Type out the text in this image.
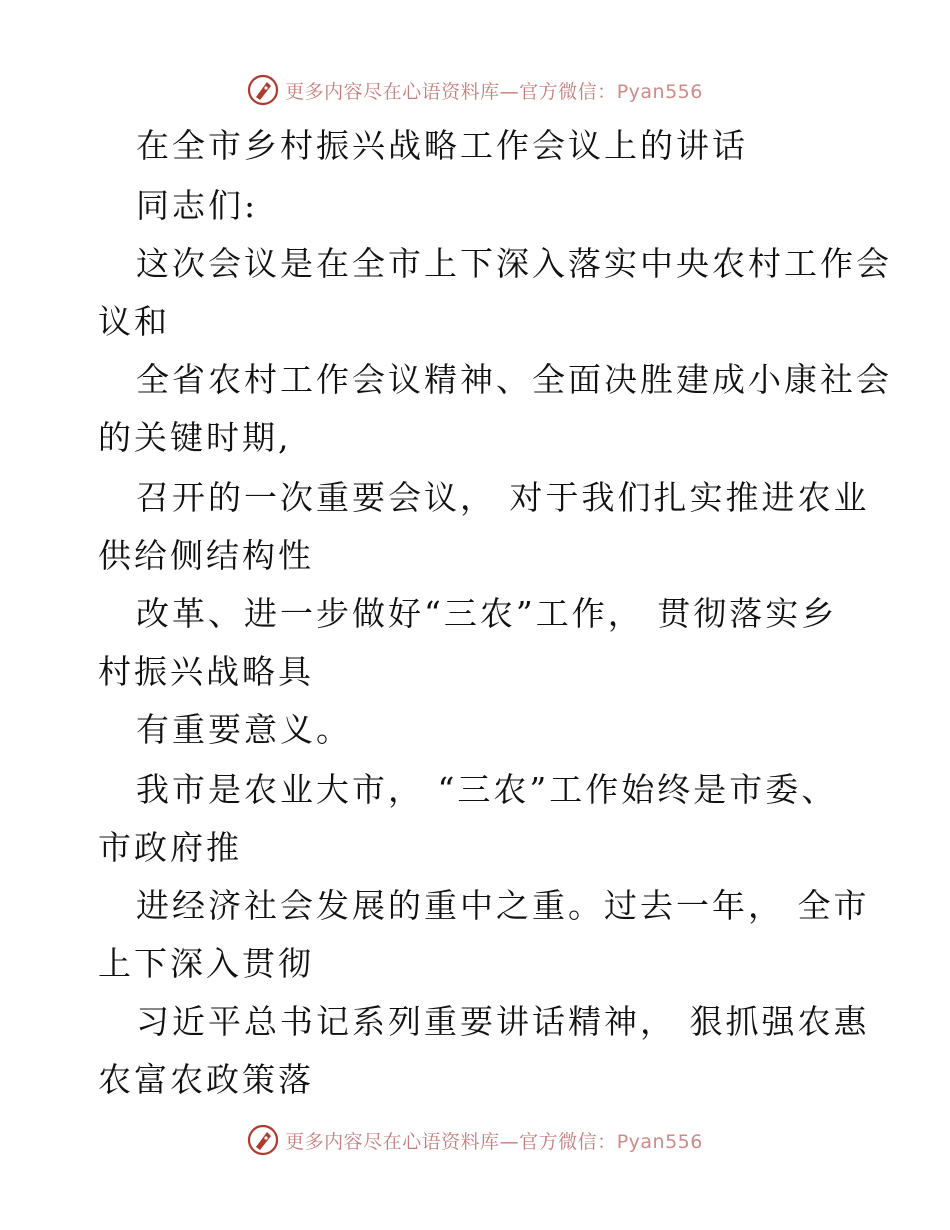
更多内容尽在心语资料库—官方微信：Pyan556
在全市乡村振兴战略工作会议上的讲话
同志们:
这次会议是在全市上下深入落实中央农村工作会
议和
全省农村工作会议精神、全面决胜建成小康社会
的关键时期,
召开的一次重要会议， 对于我们扎实推进农业
供给侧结构性
改革、进一步做好“三农”工作， 贯彻落实乡
村振兴战略具
有重要意义。
我市是农业大市， “三农”工作始终是市委、
市政府推
进经济社会发展的重中之重。过去一年， 全市
上下深入贯彻
习近平总书记系列重要讲话精神， 狠抓强农惠
农富农政策落
更多内容尽在心语资料库—官方微信：Pyan556
